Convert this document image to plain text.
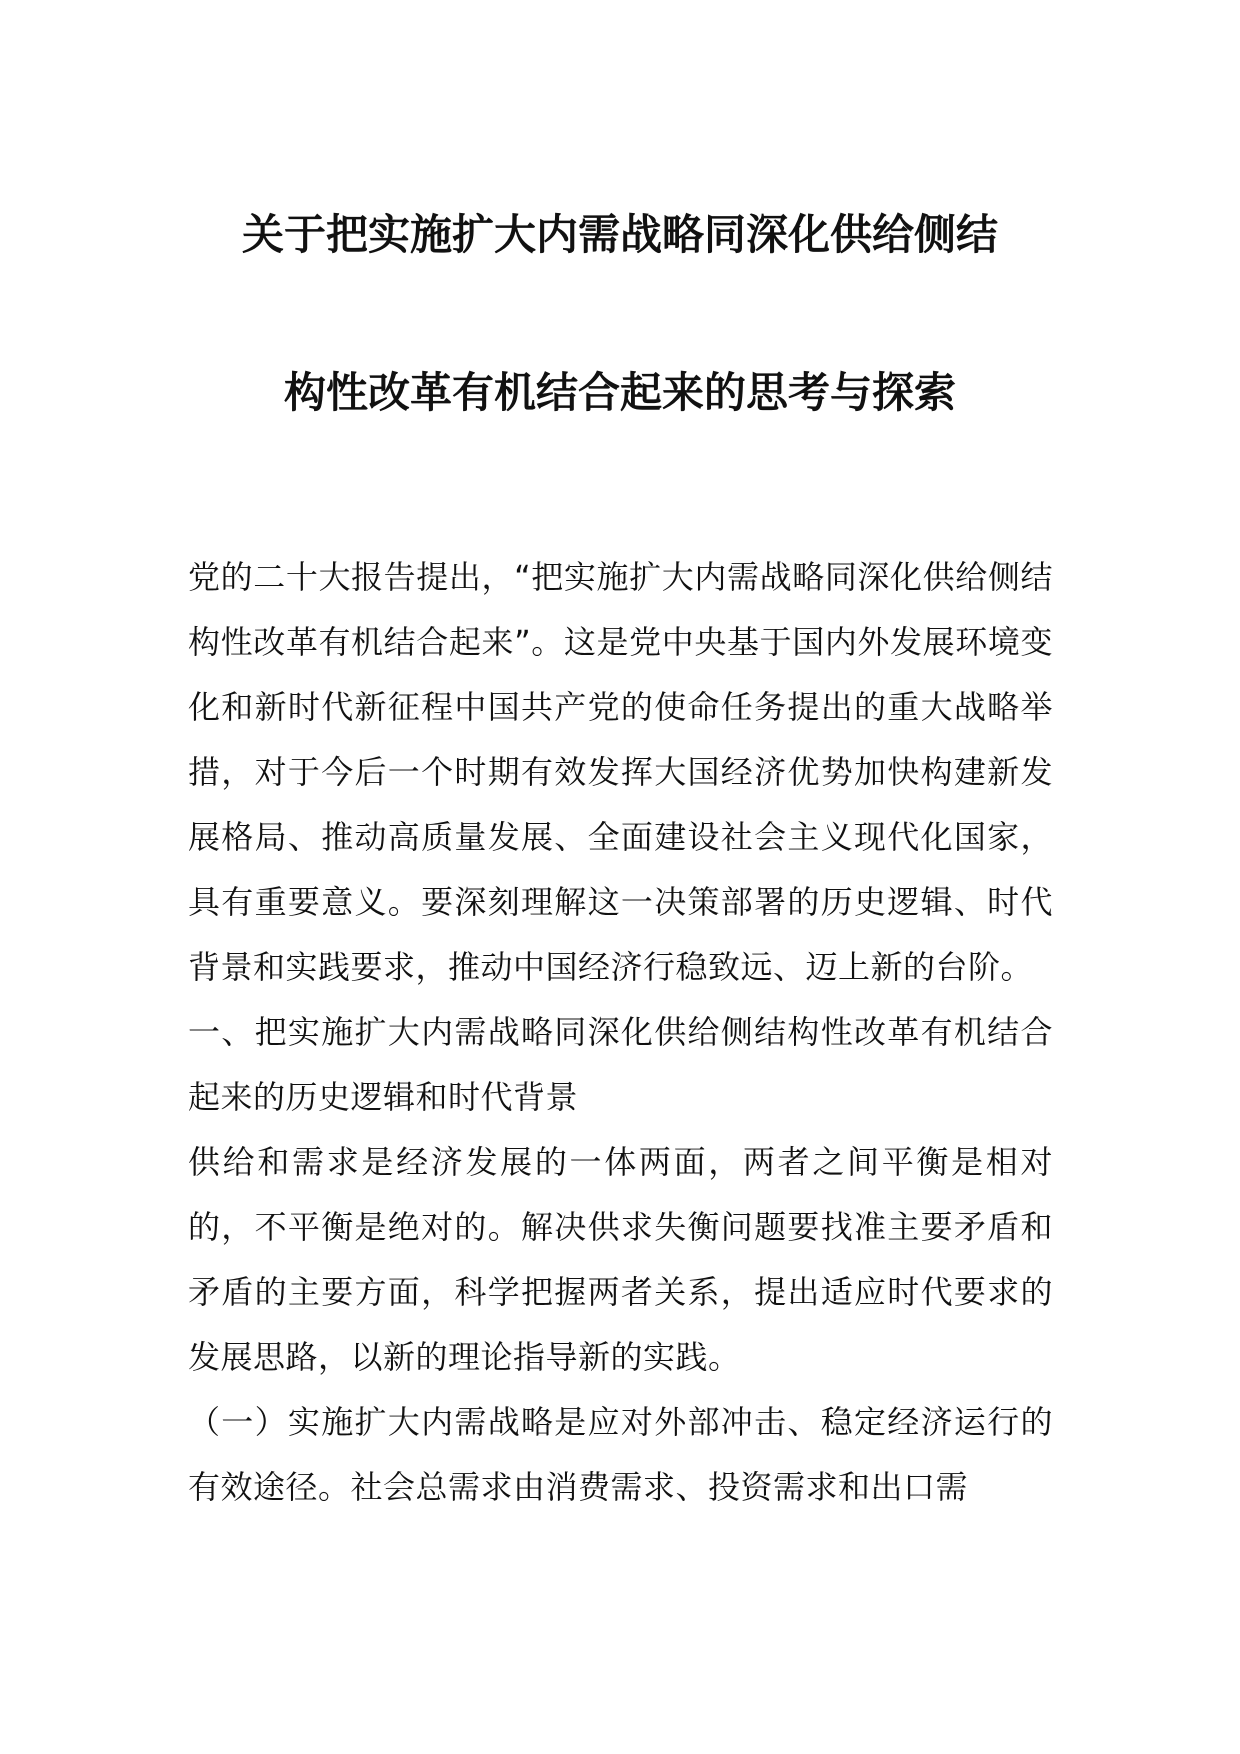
关于把实施扩大内需战略同深化供给侧结
构性改革有机结合起来的思考与探索

党的二十大报告提出，“把实施扩大内需战略同深化供给侧结构性改革有机结合起来”。这是党中央基于国内外发展环境变化和新时代新征程中国共产党的使命任务提出的重大战略举措，对于今后一个时期有效发挥大国经济优势加快构建新发展格局、推动高质量发展、全面建设社会主义现代化国家，具有重要意义。要深刻理解这一决策部署的历史逻辑、时代背景和实践要求，推动中国经济行稳致远、迈上新的台阶。

一、把实施扩大内需战略同深化供给侧结构性改革有机结合起来的历史逻辑和时代背景

供给和需求是经济发展的一体两面，两者之间平衡是相对的，不平衡是绝对的。解决供求失衡问题要找准主要矛盾和矛盾的主要方面，科学把握两者关系，提出适应时代要求的发展思路，以新的理论指导新的实践。

（一）实施扩大内需战略是应对外部冲击、稳定经济运行的有效途径。社会总需求由消费需求、投资需求和出口需
